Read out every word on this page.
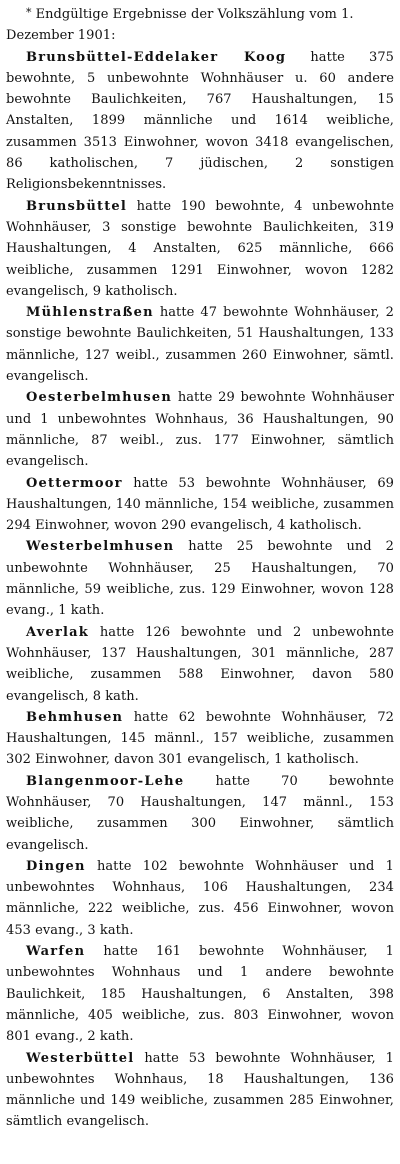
* Endgültige Ergebnisse der Volkszählung vom 1. Dezember 1901:

Brunsbüttel-Eddelaker Koog hatte 375 bewohnte, 5 unbewohnte Wohnhäuser u. 60 andere bewohnte Baulichkeiten, 767 Haushaltungen, 15 Anstalten, 1899 männliche und 1614 weibliche, zusammen 3513 Einwohner, wovon 3418 evangelischen, 86 katholischen, 7 jüdischen, 2 sonstigen Religionsbekenntnisses.

Brunsbüttel hatte 190 bewohnte, 4 unbewohnte Wohnhäuser, 3 sonstige bewohnte Baulichkeiten, 319 Haushaltungen, 4 Anstalten, 625 männliche, 666 weibliche, zusammen 1291 Einwohner, wovon 1282 evangelisch, 9 katholisch.

Mühlenstraßen hatte 47 bewohnte Wohnhäuser, 2 sonstige bewohnte Baulichkeiten, 51 Haushaltungen, 133 männliche, 127 weibl., zusammen 260 Einwohner, sämtl. evangelisch.

Oesterbelmhusen hatte 29 bewohnte Wohnhäuser und 1 unbewohntes Wohnhaus, 36 Haushaltungen, 90 männliche, 87 weibl., zus. 177 Einwohner, sämtlich evangelisch.

Oettermoor hatte 53 bewohnte Wohnhäuser, 69 Haushaltungen, 140 männliche, 154 weibliche, zusammen 294 Einwohner, wovon 290 evangelisch, 4 katholisch.

Westerbelmhusen hatte 25 bewohnte und 2 unbewohnte Wohnhäuser, 25 Haushaltungen, 70 männliche, 59 weibliche, zus. 129 Einwohner, wovon 128 evang., 1 kath.

Averlak hatte 126 bewohnte und 2 unbewohnte Wohnhäuser, 137 Haushaltungen, 301 männliche, 287 weibliche, zusammen 588 Einwohner, davon 580 evangelisch, 8 kath.

Behmhusen hatte 62 bewohnte Wohnhäuser, 72 Haushaltungen, 145 männl., 157 weibliche, zusammen 302 Einwohner, davon 301 evangelisch, 1 katholisch.

Blangenmoor-Lehe hatte 70 bewohnte Wohnhäuser, 70 Haushaltungen, 147 männl., 153 weibliche, zusammen 300 Einwohner, sämtlich evangelisch.

Dingen hatte 102 bewohnte Wohnhäuser und 1 unbewohntes Wohnhaus, 106 Haushaltungen, 234 männliche, 222 weibliche, zus. 456 Einwohner, wovon 453 evang., 3 kath.

Warfen hatte 161 bewohnte Wohnhäuser, 1 unbewohntes Wohnhaus und 1 andere bewohnte Baulichkeit, 185 Haushaltungen, 6 Anstalten, 398 männliche, 405 weibliche, zus. 803 Einwohner, wovon 801 evang., 2 kath.

Westerbüttel hatte 53 bewohnte Wohnhäuser, 1 unbewohntes Wohnhaus, 18 Haushaltungen, 136 männliche und 149 weibliche, zusammen 285 Einwohner, sämtlich evangelisch.
